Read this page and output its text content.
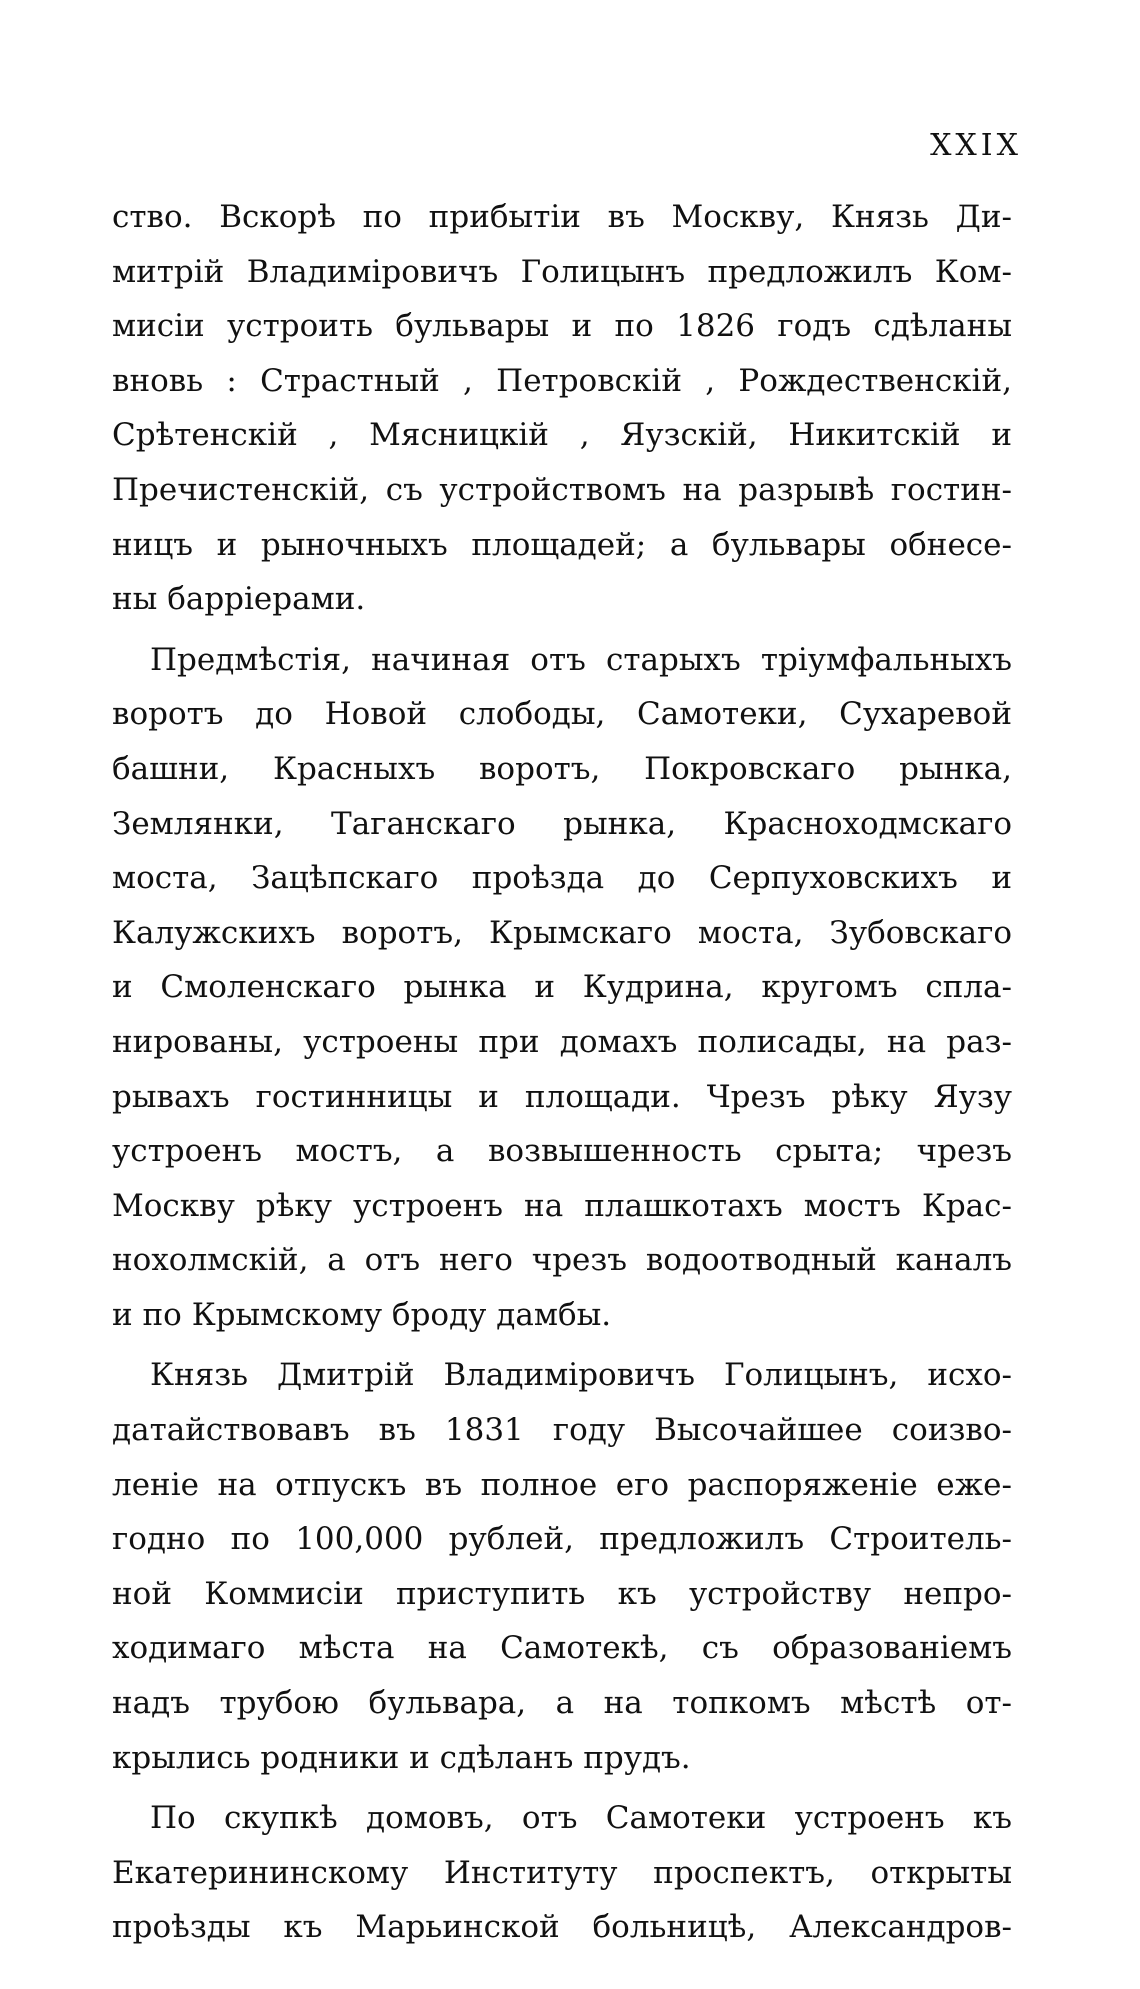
XXIX
ство. Вскорѣ по прибытіи въ Москву, Князь Ди-
митрій Владиміровичъ Голицынъ предложилъ Ком-
мисіи устроить бульвары и по 1826 годъ сдѣланы
вновь : Страстный , Петровскій , Рождественскій,
Срѣтенскій , Мясницкій , Яузскій, Никитскій и
Пречистенскій, съ устройствомъ на разрывѣ гостин-
ницъ и рыночныхъ площадей; а бульвары обнесе-
ны барріерами.
Предмѣстія, начиная отъ старыхъ тріумфальныхъ
воротъ до Новой слободы, Самотеки, Сухаревой
башни, Красныхъ воротъ, Покровскаго рынка,
Землянки, Таганскаго рынка, Красноходмскаго
моста, Зацѣпскаго проѣзда до Серпуховскихъ и
Калужскихъ воротъ, Крымскаго моста, Зубовскаго
и Смоленскаго рынка и Кудрина, кругомъ спла-
нированы, устроены при домахъ полисады, на раз-
рывахъ гостинницы и площади. Чрезъ рѣку Яузу
устроенъ мостъ, а возвышенность срыта; чрезъ
Москву рѣку устроенъ на плашкотахъ мостъ Крас-
нохолмскій, а отъ него чрезъ водоотводный каналъ
и по Крымскому броду дамбы.
Князь Дмитрій Владиміровичъ Голицынъ, исхо-
датайствовавъ въ 1831 году Высочайшее соизво-
леніе на отпускъ въ полное его распоряженіе еже-
годно по 100,000 рублей, предложилъ Строитель-
ной Коммисіи приступить къ устройству непро-
ходимаго мѣста на Самотекѣ, съ образованіемъ
надъ трубою бульвара, а на топкомъ мѣстѣ от-
крылись родники и сдѣланъ прудъ.
По скупкѣ домовъ, отъ Самотеки устроенъ къ
Екатерининскому Институту проспектъ, открыты
проѣзды къ Марьинской больницѣ, Александров-
